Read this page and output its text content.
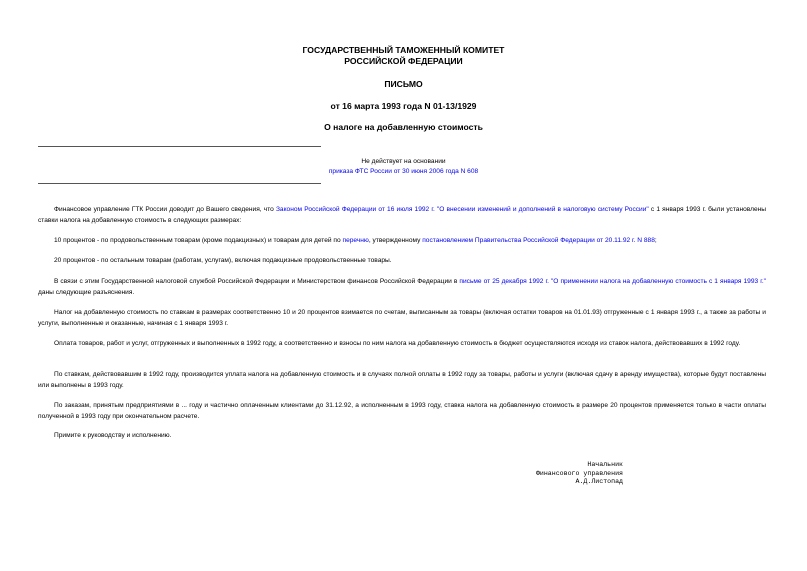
ГОСУДАРСТВЕННЫЙ ТАМОЖЕННЫЙ КОМИТЕТ
РОССИЙСКОЙ ФЕДЕРАЦИИ
ПИСЬМО
от 16 марта 1993 года N 01-13/1929
О налоге на добавленную стоимость
Не действует на основании
приказа ФТС России от 30 июня 2006 года N 608
Финансовое управление ГТК России доводит до Вашего сведения, что Законом Российской Федерации от 16 июля 1992 г. "О внесении изменений и дополнений в налоговую систему России" с 1 января 1993 г. были установлены ставки налога на добавленную стоимость в следующих размерах:
10 процентов - по продовольственным товарам (кроме подакцизных) и товарам для детей по перечню, утвержденному постановлением Правительства Российской Федерации от 20.11.92 г. N 888;
20 процентов - по остальным товарам (работам, услугам), включая подакцизные продовольственные товары.
В связи с этим Государственной налоговой службой Российской Федерации и Министерством финансов Российской Федерации в письме от 25 декабря 1992 г. "О применении налога на добавленную стоимость с 1 января 1993 г." даны следующие разъяснения.
Налог на добавленную стоимость по ставкам в размерах соответственно 10 и 20 процентов взимается по счетам, выписанным за товары (включая остатки товаров на 01.01.93) отгруженные с 1 января 1993 г., а также за работы и услуги, выполненные и оказанные, начиная с 1 января 1993 г.
Оплата товаров, работ и услуг, отгруженных и выполненных в 1992 году, а соответственно и взносы по ним налога на добавленную стоимость в бюджет осуществляются исходя из ставок налога, действовавших в 1992 году.
По ставкам, действовавшим в 1992 году, производится уплата налога на добавленную стоимость и в случаях полной оплаты в 1992 году за товары, работы и услуги (включая сдачу в аренду имущества), которые будут поставлены или выполнены в 1993 году.
По заказам, принятым предприятиями в ... году и частично оплаченным клиентами до 31.12.92, а исполненным в 1993 году, ставка налога на добавленную стоимость в размере 20 процентов применяется только в части оплаты полученной в 1993 году при окончательном расчете.
Примите к руководству и исполнению.
Начальник
Финансового управления
А.Д.Листопад
